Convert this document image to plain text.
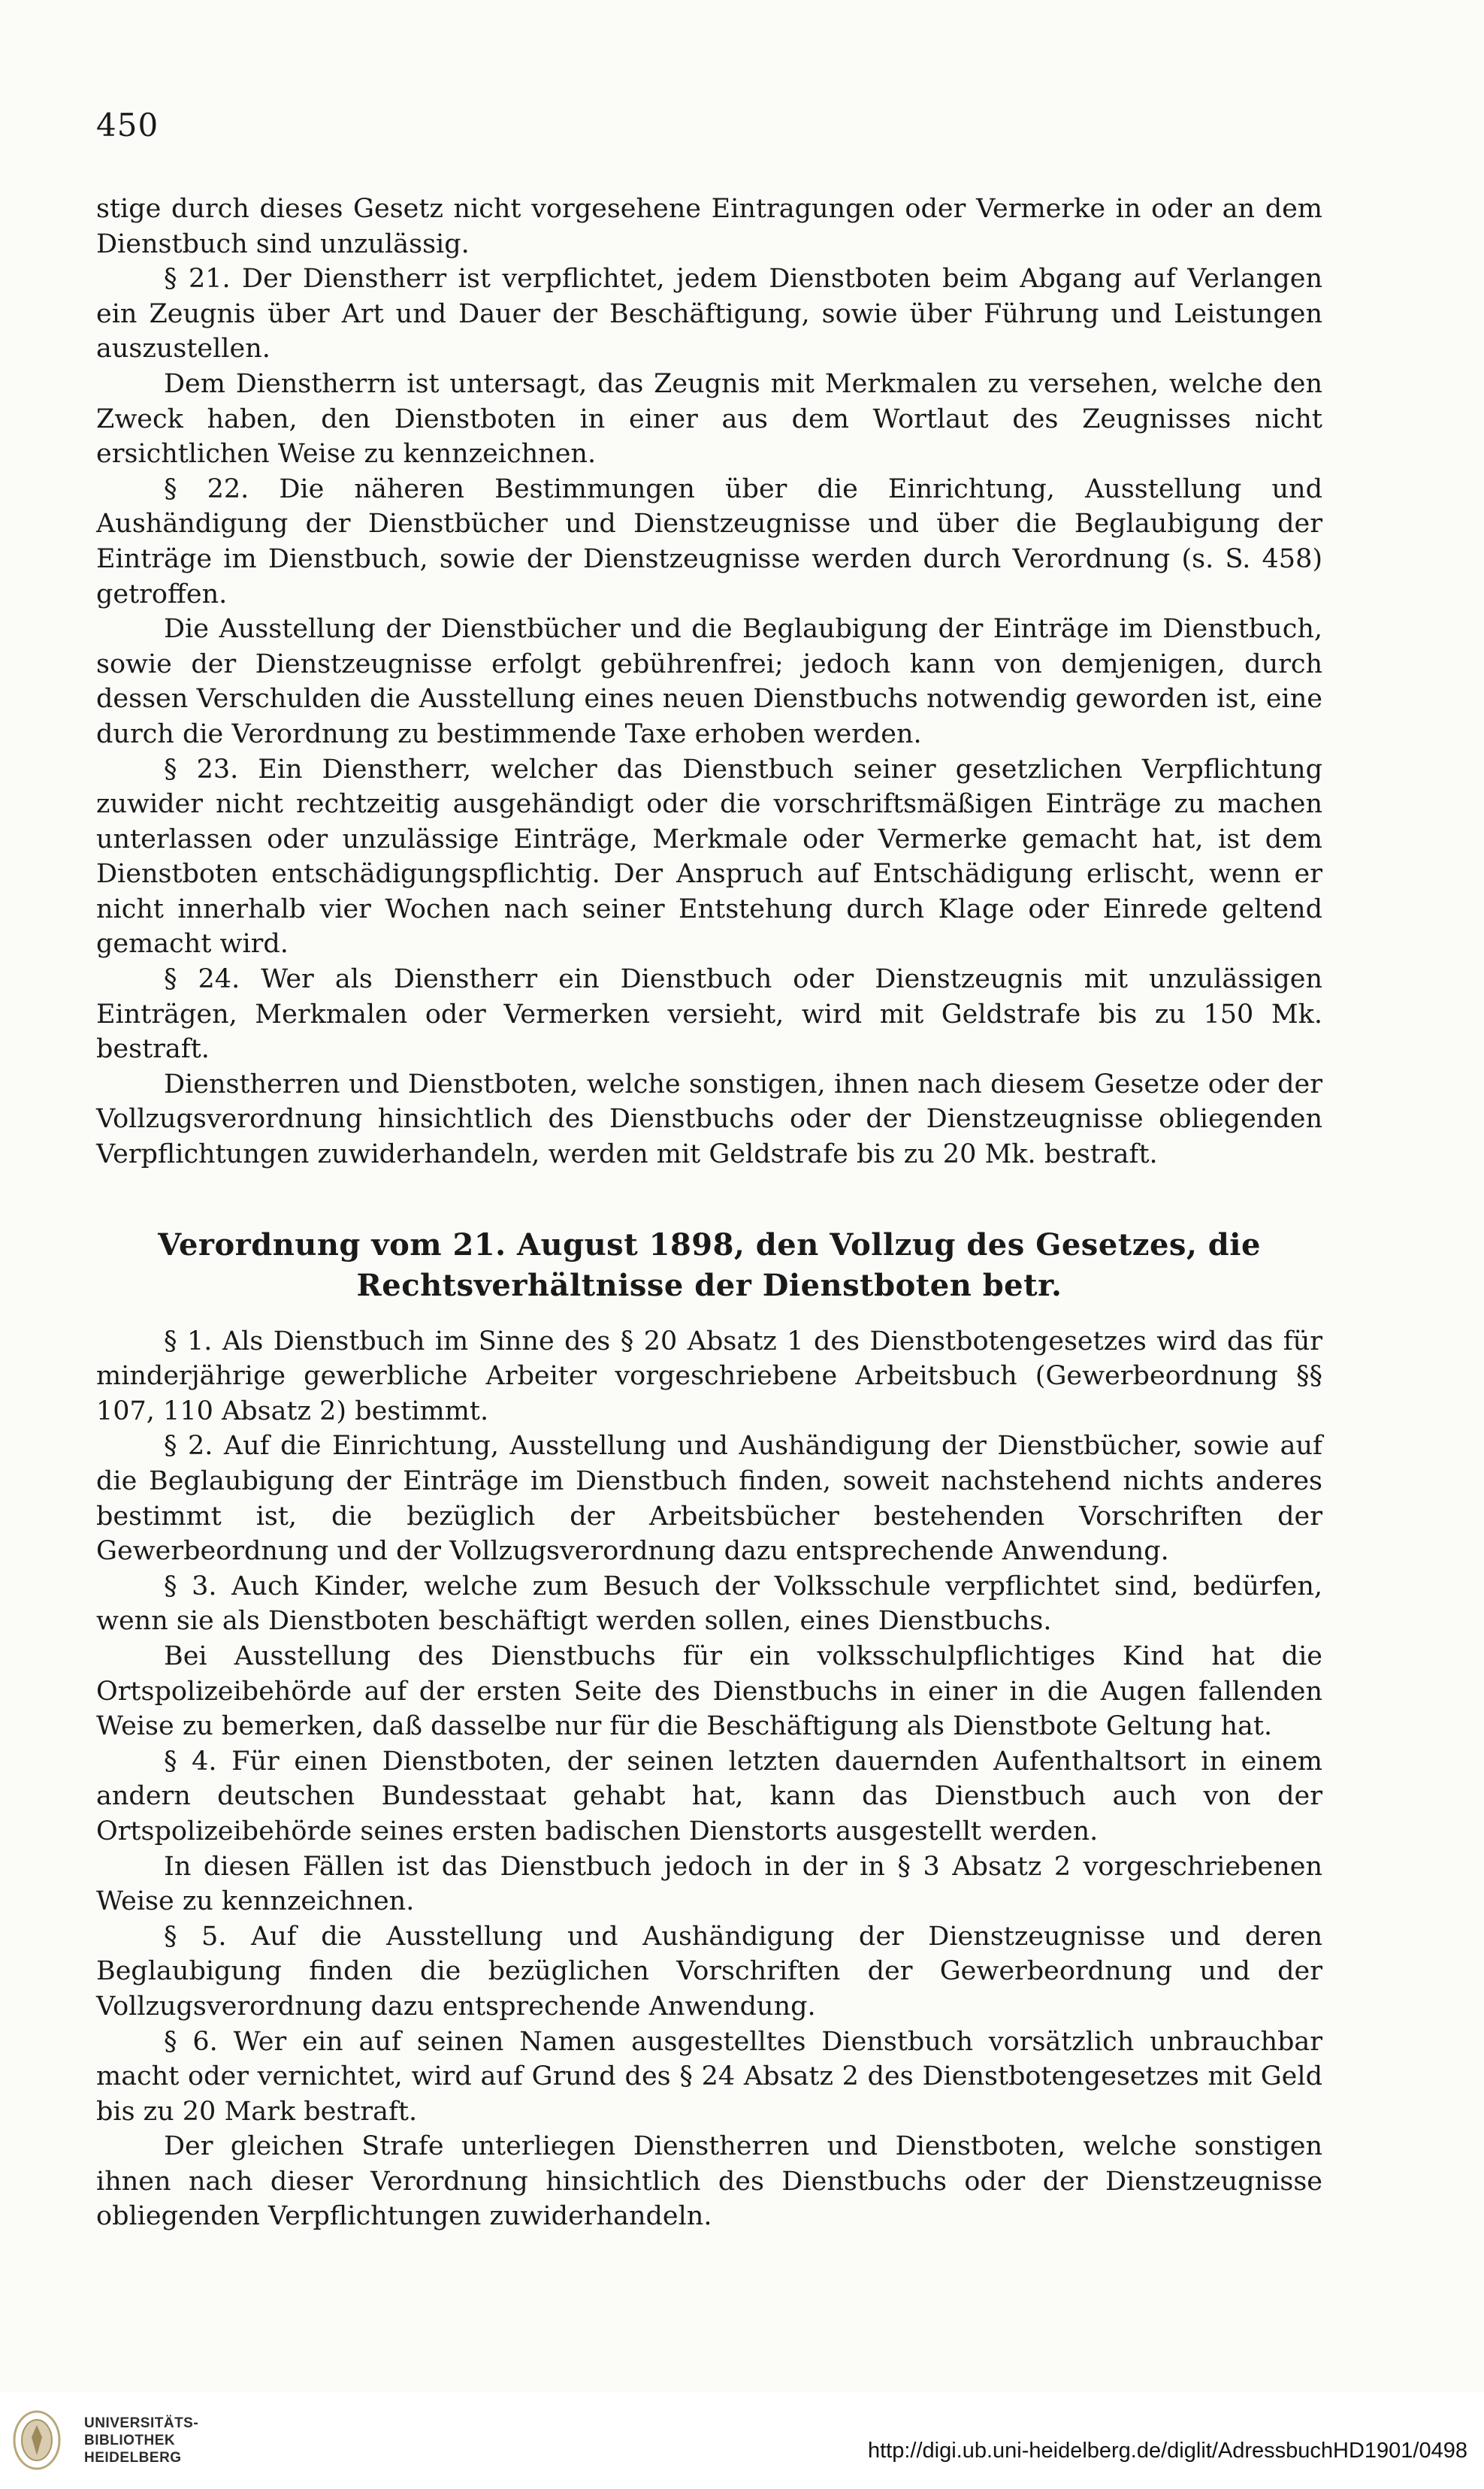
450

stige durch dieses Gesetz nicht vorgesehene Eintragungen oder Vermerke in oder an dem Dienstbuch sind unzulässig.

§ 21. Der Dienstherr ist verpflichtet, jedem Dienstboten beim Abgang auf Verlangen ein Zeugnis über Art und Dauer der Beschäftigung, sowie über Führung und Leistungen auszustellen.

Dem Dienstherrn ist untersagt, das Zeugnis mit Merkmalen zu versehen, welche den Zweck haben, den Dienstboten in einer aus dem Wortlaut des Zeugnisses nicht ersichtlichen Weise zu kennzeichnen.

§ 22. Die näheren Bestimmungen über die Einrichtung, Ausstellung und Aushändigung der Dienstbücher und Dienstzeugnisse und über die Beglaubigung der Einträge im Dienstbuch, sowie der Dienstzeugnisse werden durch Verordnung (s. S. 458) getroffen.

Die Ausstellung der Dienstbücher und die Beglaubigung der Einträge im Dienstbuch, sowie der Dienstzeugnisse erfolgt gebührenfrei; jedoch kann von demjenigen, durch dessen Verschulden die Ausstellung eines neuen Dienstbuchs notwendig geworden ist, eine durch die Verordnung zu bestimmende Taxe erhoben werden.

§ 23. Ein Dienstherr, welcher das Dienstbuch seiner gesetzlichen Verpflichtung zuwider nicht rechtzeitig ausgehändigt oder die vorschriftsmäßigen Einträge zu machen unterlassen oder unzulässige Einträge, Merkmale oder Vermerke gemacht hat, ist dem Dienstboten entschädigungspflichtig. Der Anspruch auf Entschädigung erlischt, wenn er nicht innerhalb vier Wochen nach seiner Entstehung durch Klage oder Einrede geltend gemacht wird.

§ 24. Wer als Dienstherr ein Dienstbuch oder Dienstzeugnis mit unzulässigen Einträgen, Merkmalen oder Vermerken versieht, wird mit Geldstrafe bis zu 150 Mk. bestraft.

Dienstherren und Dienstboten, welche sonstigen, ihnen nach diesem Gesetze oder der Vollzugsverordnung hinsichtlich des Dienstbuchs oder der Dienstzeugnisse obliegenden Verpflichtungen zuwiderhandeln, werden mit Geldstrafe bis zu 20 Mk. bestraft.

Verordnung vom 21. August 1898, den Vollzug des Gesetzes, die Rechtsverhältnisse der Dienstboten betr.

§ 1. Als Dienstbuch im Sinne des § 20 Absatz 1 des Dienstbotengesetzes wird das für minderjährige gewerbliche Arbeiter vorgeschriebene Arbeitsbuch (Gewerbeordnung §§ 107, 110 Absatz 2) bestimmt.

§ 2. Auf die Einrichtung, Ausstellung und Aushändigung der Dienstbücher, sowie auf die Beglaubigung der Einträge im Dienstbuch finden, soweit nachstehend nichts anderes bestimmt ist, die bezüglich der Arbeitsbücher bestehenden Vorschriften der Gewerbeordnung und der Vollzugsverordnung dazu entsprechende Anwendung.

§ 3. Auch Kinder, welche zum Besuch der Volksschule verpflichtet sind, bedürfen, wenn sie als Dienstboten beschäftigt werden sollen, eines Dienstbuchs.

Bei Ausstellung des Dienstbuchs für ein volksschulpflichtiges Kind hat die Ortspolizeibehörde auf der ersten Seite des Dienstbuchs in einer in die Augen fallenden Weise zu bemerken, daß dasselbe nur für die Beschäftigung als Dienstbote Geltung hat.

§ 4. Für einen Dienstboten, der seinen letzten dauernden Aufenthaltsort in einem andern deutschen Bundesstaat gehabt hat, kann das Dienstbuch auch von der Ortspolizeibehörde seines ersten badischen Dienstorts ausgestellt werden.

In diesen Fällen ist das Dienstbuch jedoch in der in § 3 Absatz 2 vorgeschriebenen Weise zu kennzeichnen.

§ 5. Auf die Ausstellung und Aushändigung der Dienstzeugnisse und deren Beglaubigung finden die bezüglichen Vorschriften der Gewerbeordnung und der Vollzugsverordnung dazu entsprechende Anwendung.

§ 6. Wer ein auf seinen Namen ausgestelltes Dienstbuch vorsätzlich unbrauchbar macht oder vernichtet, wird auf Grund des § 24 Absatz 2 des Dienstbotengesetzes mit Geld bis zu 20 Mark bestraft.

Der gleichen Strafe unterliegen Dienstherren und Dienstboten, welche sonstigen ihnen nach dieser Verordnung hinsichtlich des Dienstbuchs oder der Dienstzeugnisse obliegenden Verpflichtungen zuwiderhandeln.

UNIVERSITÄTS-
BIBLIOTHEK
HEIDELBERG	http://digi.ub.uni-heidelberg.de/diglit/AdressbuchHD1901/0498
